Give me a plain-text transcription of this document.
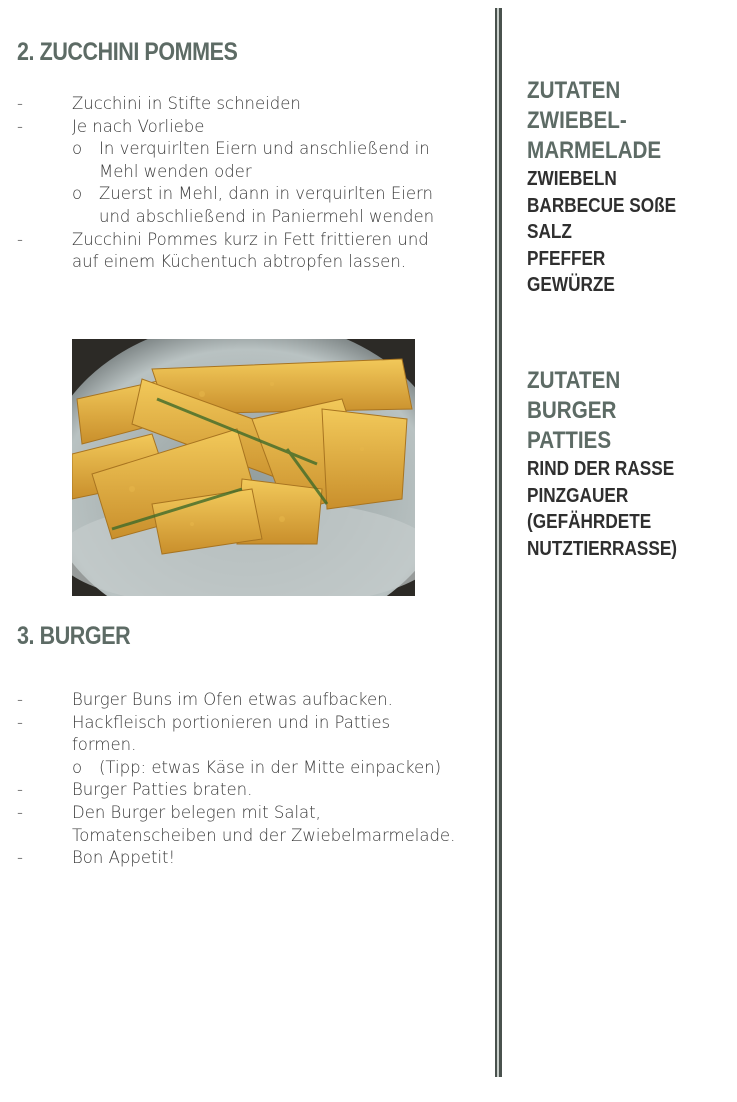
2. ZUCCHINI POMMES
-	Zucchini in Stifte schneiden
-	Je nach Vorliebe
o In verquirlten Eiern und anschließend in Mehl wenden oder
o Zuerst in Mehl, dann in verquirlten Eiern und abschließend in Paniermehl wenden
-	Zucchini Pommes kurz in Fett frittieren und auf einem Küchentuch abtropfen lassen.
3. BURGER
-	Burger Buns im Ofen etwas aufbacken.
-	Hackfleisch portionieren und in Patties formen.
o (Tipp: etwas Käse in der Mitte einpacken)
-	Burger Patties braten.
-	Den Burger belegen mit Salat, Tomatenscheiben und der Zwiebelmarmelade.
-	Bon Appetit!
ZUTATEN ZWIEBEL-MARMELADE
ZWIEBELN
BARBECUE SOßE
SALZ
PFEFFER
GEWÜRZE
ZUTATEN BURGER PATTIES
RIND DER RASSE PINZGAUER (GEFÄHRDETE NUTZTIERRASSE)
